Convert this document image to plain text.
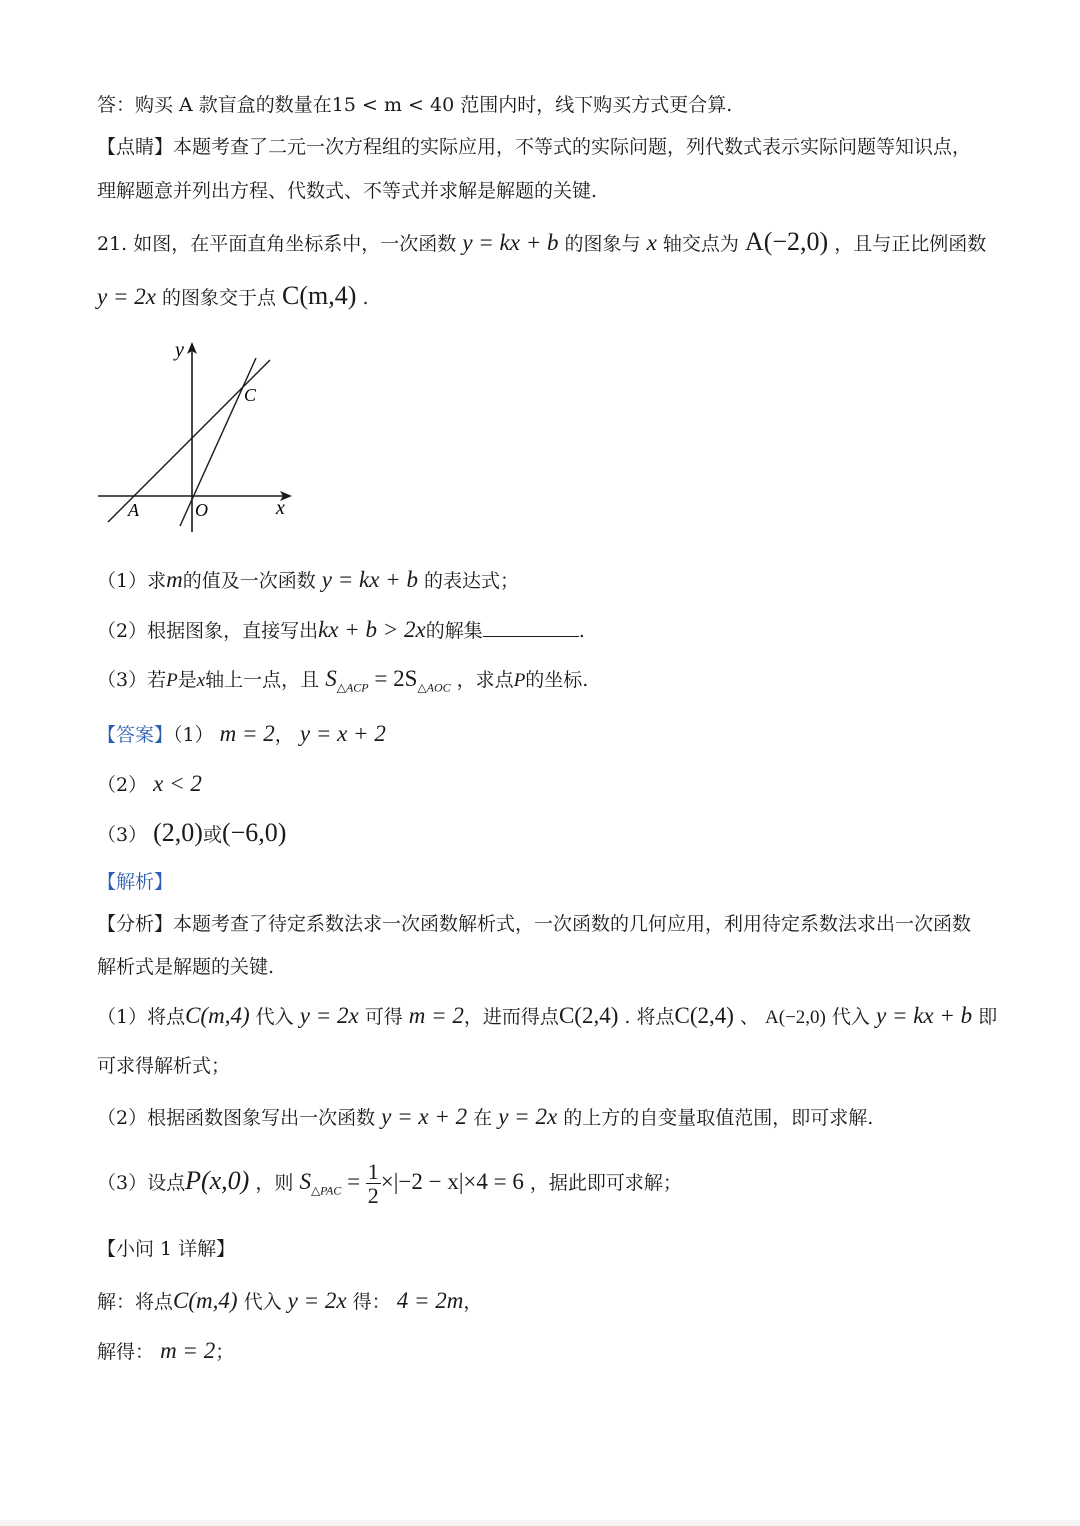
答：购买 A 款盲盒的数量在15 < m < 40 范围内时，线下购买方式更合算.
【点睛】本题考查了二元一次方程组的实际应用，不等式的实际问题，列代数式表示实际问题等知识点，
理解题意并列出方程、代数式、不等式并求解是解题的关键.
21. 如图，在平面直角坐标系中，一次函数 y = kx + b 的图象与 x 轴交点为 A(−2,0) ，且与正比例函数
y = 2x 的图象交于点 C(m,4) .
y
x
A	O
C
（1）求m的值及一次函数 y = kx + b 的表达式；
（2）根据图象，直接写出kx + b > 2x的解集	.
（3）若P是x轴上一点，且 $S_{\triangle ACP} = 2S_{\triangle AOC}$ ，求点P的坐标.
【答案】（1） m = 2， y = x + 2
（2） x < 2
（3） (2,0)或(−6,0)
【解析】
【分析】本题考查了待定系数法求一次函数解析式，一次函数的几何应用，利用待定系数法求出一次函数
解析式是解题的关键.
（1）将点C(m,4) 代入 y = 2x 可得 m = 2，进而得点C(2,4) . 将点C(2,4) 、 A(−2,0) 代入 y = kx + b 即
可求得解析式；
（2）根据函数图象写出一次函数 y = x + 2 在 y = 2x 的上方的自变量取值范围，即可求解.
（3）设点P(x,0) ，则 $S_{\triangle PAC} = \frac{1}{2} \times|-2 - x|\times 4 = 6$ ，据此即可求解；
【小问 1 详解】
解：将点C(m,4) 代入 y = 2x 得： 4 = 2m，
解得： m = 2；
